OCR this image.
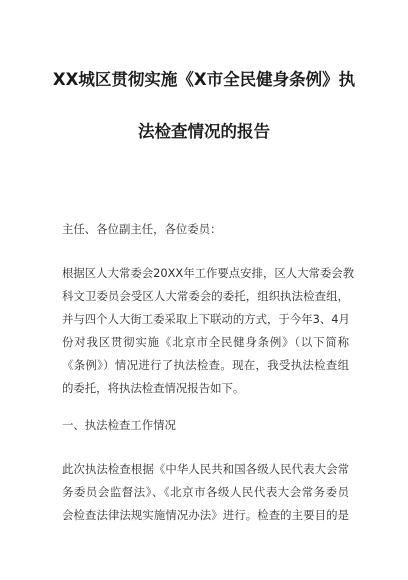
XX城区贯彻实施《X市全民健身条例》执
法检查情况的报告
主任、各位副主任，各位委员：
根据区人大常委会20XX年工作要点安排，区人大常委会教
科文卫委员会受区人大常委会的委托，组织执法检查组，
并与四个人大街工委采取上下联动的方式，于今年3、4月
份对我区贯彻实施《北京市全民健身条例》（以下简称
《条例》）情况进行了执法检查。现在，我受执法检查组
的委托，将执法检查情况报告如下。
一、执法检查工作情况
此次执法检查根据《中华人民共和国各级人民代表大会常
务委员会监督法》、《北京市各级人民代表大会常务委员
会检查法律法规实施情况办法》进行。检查的主要目的是
